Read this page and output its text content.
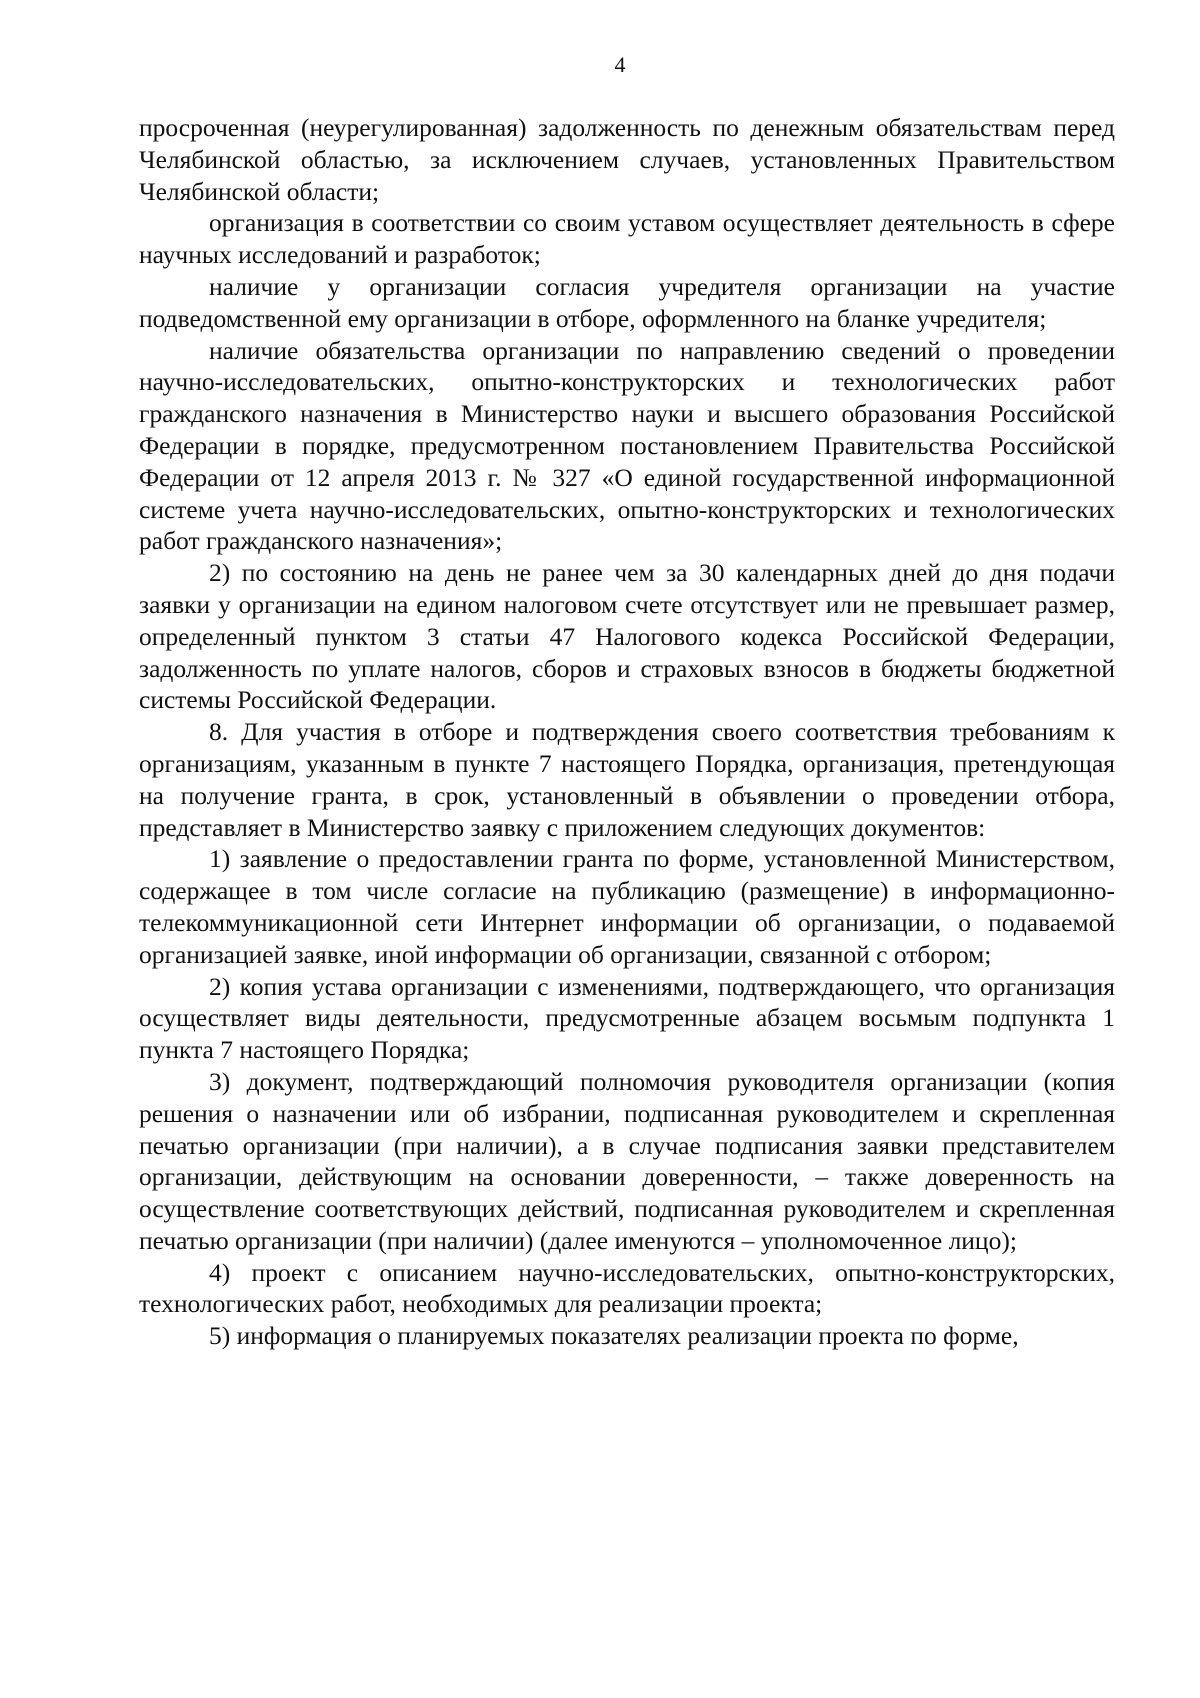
4

просроченная (неурегулированная) задолженность по денежным обязательствам перед Челябинской областью, за исключением случаев, установленных Правительством Челябинской области;

организация в соответствии со своим уставом осуществляет деятельность в сфере научных исследований и разработок;

наличие у организации согласия учредителя организации на участие подведомственной ему организации в отборе, оформленного на бланке учредителя;

наличие обязательства организации по направлению сведений о проведении научно-исследовательских, опытно-конструкторских и технологических работ гражданского назначения в Министерство науки и высшего образования Российской Федерации в порядке, предусмотренном постановлением Правительства Российской Федерации от 12 апреля 2013 г. № 327 «О единой государственной информационной системе учета научно-исследовательских, опытно-конструкторских и технологических работ гражданского назначения»;

2) по состоянию на день не ранее чем за 30 календарных дней до дня подачи заявки у организации на едином налоговом счете отсутствует или не превышает размер, определенный пунктом 3 статьи 47 Налогового кодекса Российской Федерации, задолженность по уплате налогов, сборов и страховых взносов в бюджеты бюджетной системы Российской Федерации.

8. Для участия в отборе и подтверждения своего соответствия требованиям к организациям, указанным в пункте 7 настоящего Порядка, организация, претендующая на получение гранта, в срок, установленный в объявлении о проведении отбора, представляет в Министерство заявку с приложением следующих документов:

1) заявление о предоставлении гранта по форме, установленной Министерством, содержащее в том числе согласие на публикацию (размещение) в информационно-телекоммуникационной сети Интернет информации об организации, о подаваемой организацией заявке, иной информации об организации, связанной с отбором;

2) копия устава организации с изменениями, подтверждающего, что организация осуществляет виды деятельности, предусмотренные абзацем восьмым подпункта 1 пункта 7 настоящего Порядка;

3) документ, подтверждающий полномочия руководителя организации (копия решения о назначении или об избрании, подписанная руководителем и скрепленная печатью организации (при наличии), а в случае подписания заявки представителем организации, действующим на основании доверенности, – также доверенность на осуществление соответствующих действий, подписанная руководителем и скрепленная печатью организации (при наличии) (далее именуются – уполномоченное лицо);

4) проект с описанием научно-исследовательских, опытно-конструкторских, технологических работ, необходимых для реализации проекта;

5) информация о планируемых показателях реализации проекта по форме,
